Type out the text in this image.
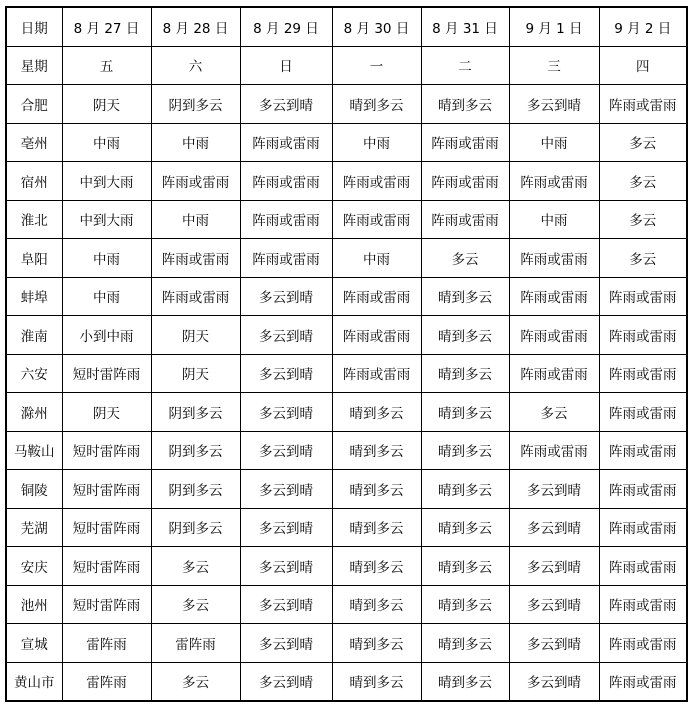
日期	8 月 27 日	8 月 28 日	8 月 29 日	8 月 30 日	8 月 31 日	9 月 1 日	9 月 2 日
星期	五	六	日	一	二	三	四
合肥	阴天	阴到多云	多云到晴	晴到多云	晴到多云	多云到晴	阵雨或雷雨
亳州	中雨	中雨	阵雨或雷雨	中雨	阵雨或雷雨	中雨	多云
宿州	中到大雨	阵雨或雷雨	阵雨或雷雨	阵雨或雷雨	阵雨或雷雨	阵雨或雷雨	多云
淮北	中到大雨	中雨	阵雨或雷雨	阵雨或雷雨	阵雨或雷雨	中雨	多云
阜阳	中雨	阵雨或雷雨	阵雨或雷雨	中雨	多云	阵雨或雷雨	多云
蚌埠	中雨	阵雨或雷雨	多云到晴	阵雨或雷雨	晴到多云	阵雨或雷雨	阵雨或雷雨
淮南	小到中雨	阴天	多云到晴	阵雨或雷雨	晴到多云	阵雨或雷雨	阵雨或雷雨
六安	短时雷阵雨	阴天	多云到晴	阵雨或雷雨	晴到多云	阵雨或雷雨	阵雨或雷雨
滁州	阴天	阴到多云	多云到晴	晴到多云	晴到多云	多云	阵雨或雷雨
马鞍山	短时雷阵雨	阴到多云	多云到晴	晴到多云	晴到多云	阵雨或雷雨	阵雨或雷雨
铜陵	短时雷阵雨	阴到多云	多云到晴	晴到多云	晴到多云	多云到晴	阵雨或雷雨
芜湖	短时雷阵雨	阴到多云	多云到晴	晴到多云	晴到多云	多云到晴	阵雨或雷雨
安庆	短时雷阵雨	多云	多云到晴	晴到多云	晴到多云	多云到晴	阵雨或雷雨
池州	短时雷阵雨	多云	多云到晴	晴到多云	晴到多云	多云到晴	阵雨或雷雨
宣城	雷阵雨	雷阵雨	多云到晴	晴到多云	晴到多云	多云到晴	阵雨或雷雨
黄山市	雷阵雨	多云	多云到晴	晴到多云	晴到多云	多云到晴	阵雨或雷雨
